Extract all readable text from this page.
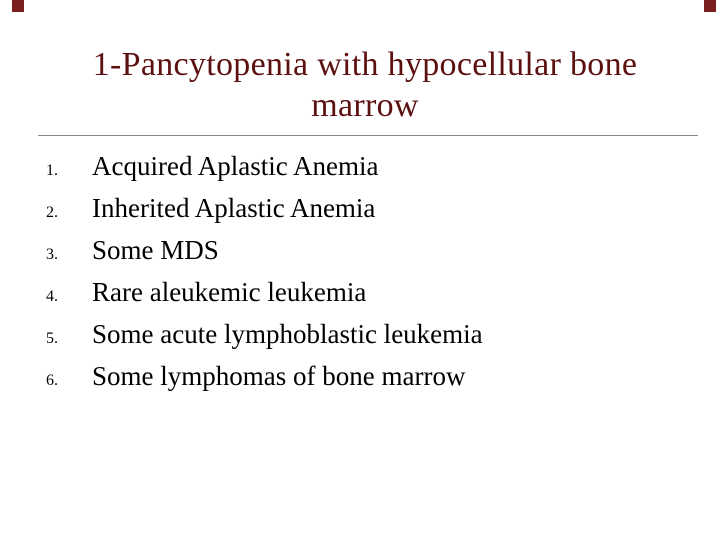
1-Pancytopenia with hypocellular bone
marrow
1. Acquired Aplastic Anemia
2. Inherited Aplastic Anemia
3. Some MDS
4. Rare aleukemic leukemia
5. Some acute lymphoblastic leukemia
6. Some lymphomas of bone marrow
